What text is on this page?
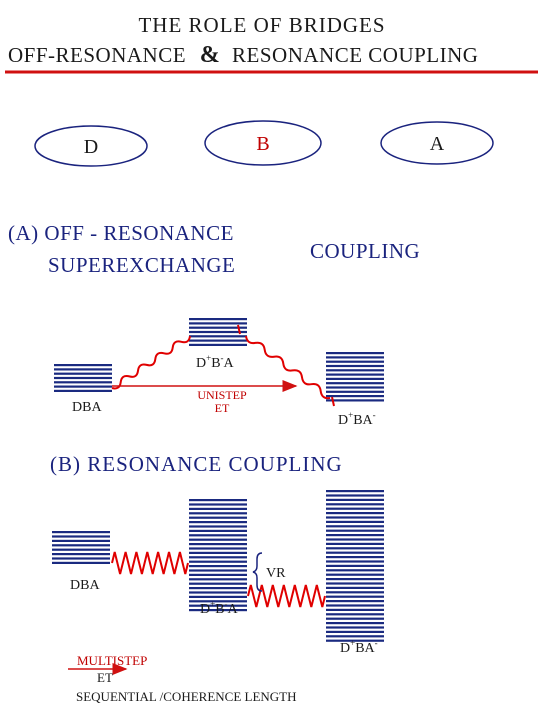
THE ROLE OF BRIDGES
OFF-RESONANCE & RESONANCE COUPLING
D	B	A
(A) OFF - RESONANCE
SUPEREXCHANGE
COUPLING
DBA
D+B-A
UNISTEP
ET
D+BA-
(B) RESONANCE COUPLING
VR
DBA
D+B-A
D+BA-
MULTISTEP
ET
SEQUENTIAL /COHERENCE LENGTH
